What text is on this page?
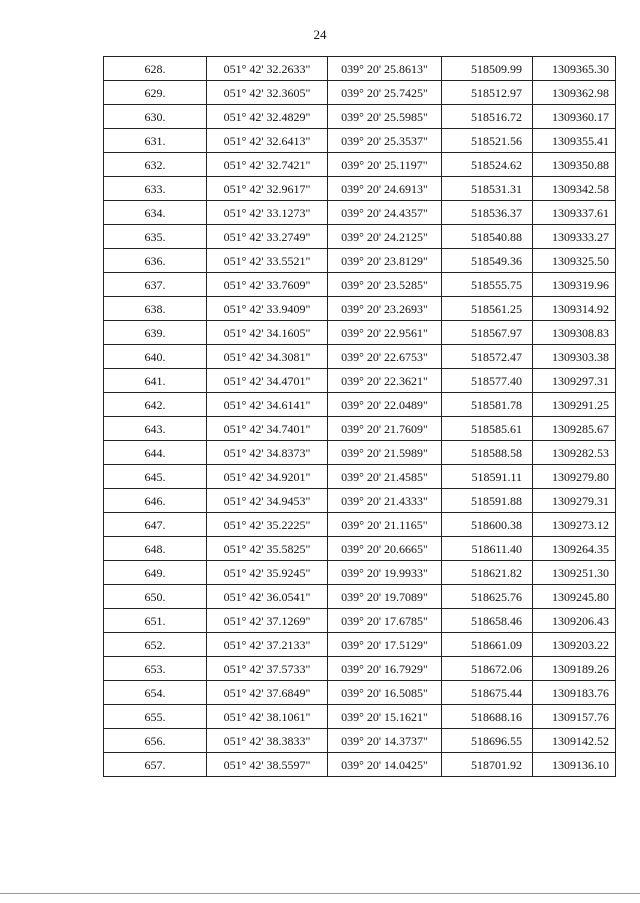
24
628.	051° 42' 32.2633"	039° 20' 25.8613"	518509.99	1309365.30
629.	051° 42' 32.3605"	039° 20' 25.7425"	518512.97	1309362.98
630.	051° 42' 32.4829"	039° 20' 25.5985"	518516.72	1309360.17
631.	051° 42' 32.6413"	039° 20' 25.3537"	518521.56	1309355.41
632.	051° 42' 32.7421"	039° 20' 25.1197"	518524.62	1309350.88
633.	051° 42' 32.9617"	039° 20' 24.6913"	518531.31	1309342.58
634.	051° 42' 33.1273"	039° 20' 24.4357"	518536.37	1309337.61
635.	051° 42' 33.2749"	039° 20' 24.2125"	518540.88	1309333.27
636.	051° 42' 33.5521"	039° 20' 23.8129"	518549.36	1309325.50
637.	051° 42' 33.7609"	039° 20' 23.5285"	518555.75	1309319.96
638.	051° 42' 33.9409"	039° 20' 23.2693"	518561.25	1309314.92
639.	051° 42' 34.1605"	039° 20' 22.9561"	518567.97	1309308.83
640.	051° 42' 34.3081"	039° 20' 22.6753"	518572.47	1309303.38
641.	051° 42' 34.4701"	039° 20' 22.3621"	518577.40	1309297.31
642.	051° 42' 34.6141"	039° 20' 22.0489"	518581.78	1309291.25
643.	051° 42' 34.7401"	039° 20' 21.7609"	518585.61	1309285.67
644.	051° 42' 34.8373"	039° 20' 21.5989"	518588.58	1309282.53
645.	051° 42' 34.9201"	039° 20' 21.4585"	518591.11	1309279.80
646.	051° 42' 34.9453"	039° 20' 21.4333"	518591.88	1309279.31
647.	051° 42' 35.2225"	039° 20' 21.1165"	518600.38	1309273.12
648.	051° 42' 35.5825"	039° 20' 20.6665"	518611.40	1309264.35
649.	051° 42' 35.9245"	039° 20' 19.9933"	518621.82	1309251.30
650.	051° 42' 36.0541"	039° 20' 19.7089"	518625.76	1309245.80
651.	051° 42' 37.1269"	039° 20' 17.6785"	518658.46	1309206.43
652.	051° 42' 37.2133"	039° 20' 17.5129"	518661.09	1309203.22
653.	051° 42' 37.5733"	039° 20' 16.7929"	518672.06	1309189.26
654.	051° 42' 37.6849"	039° 20' 16.5085"	518675.44	1309183.76
655.	051° 42' 38.1061"	039° 20' 15.1621"	518688.16	1309157.76
656.	051° 42' 38.3833"	039° 20' 14.3737"	518696.55	1309142.52
657.	051° 42' 38.5597"	039° 20' 14.0425"	518701.92	1309136.10
